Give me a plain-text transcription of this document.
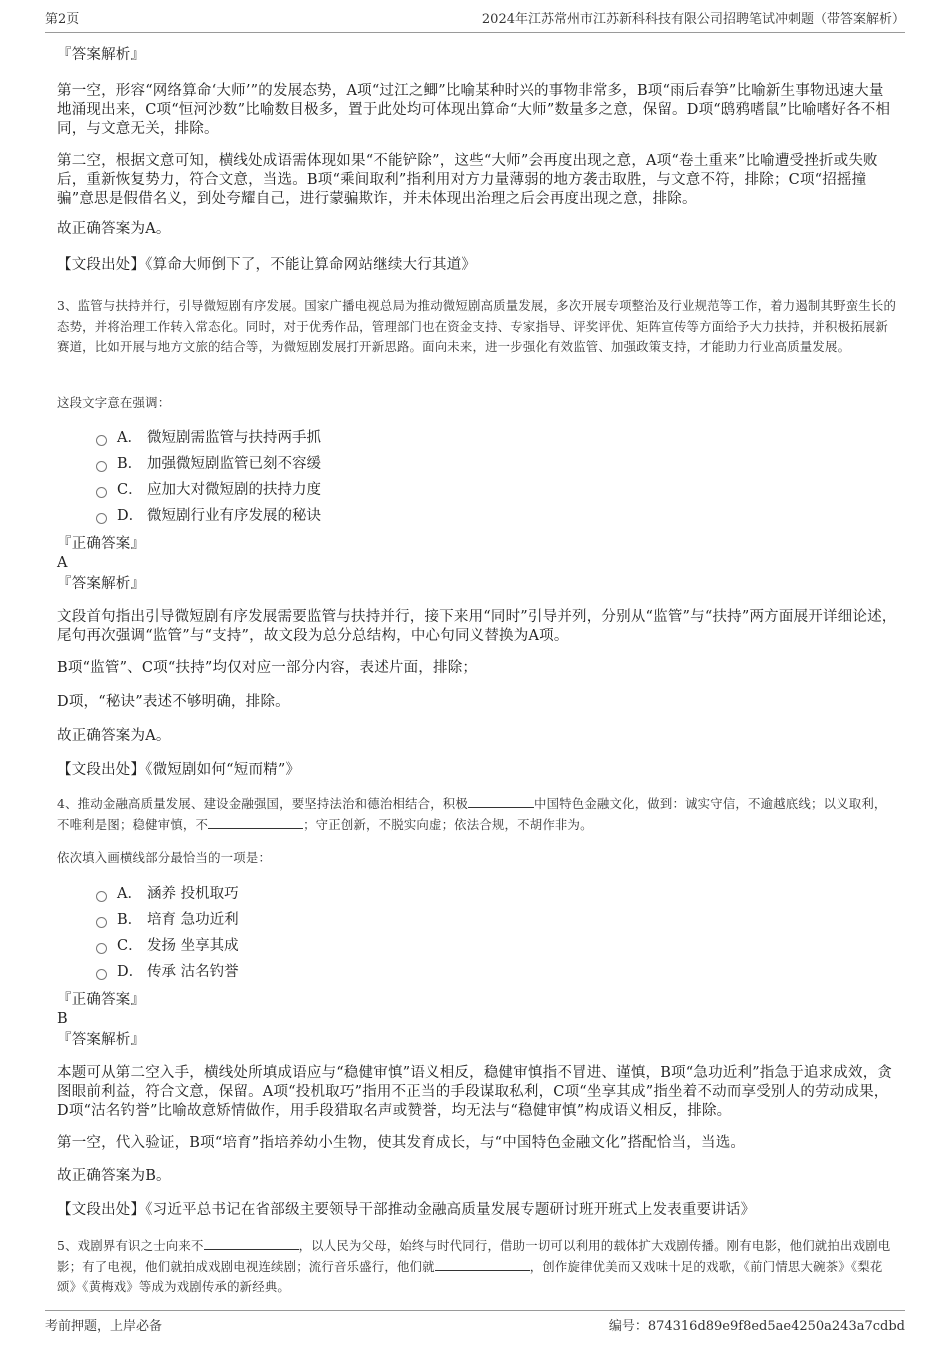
第2页	2024年江苏常州市江苏新科科技有限公司招聘笔试冲刺题（带答案解析）

『答案解析』

第一空，形容“网络算命‘大师’”的发展态势，A项“过江之鲫”比喻某种时兴的事物非常多，B项“雨后春笋”比喻新生事物迅速大量地涌现出来，C项“恒河沙数”比喻数目极多，置于此处均可体现出算命“大师”数量多之意，保留。D项“鸱鸦嗜鼠”比喻嗜好各不相同，与文意无关，排除。

第二空，根据文意可知，横线处成语需体现如果“不能铲除”，这些“大师”会再度出现之意，A项“卷土重来”比喻遭受挫折或失败后，重新恢复势力，符合文意，当选。B项“乘间取利”指利用对方力量薄弱的地方袭击取胜，与文意不符，排除；C项“招摇撞骗”意思是假借名义，到处夸耀自己，进行蒙骗欺诈，并未体现出治理之后会再度出现之意，排除。

故正确答案为A。

【文段出处】《算命大师倒下了，不能让算命网站继续大行其道》

3、监管与扶持并行，引导微短剧有序发展。国家广播电视总局为推动微短剧高质量发展，多次开展专项整治及行业规范等工作，着力遏制其野蛮生长的态势，并将治理工作转入常态化。同时，对于优秀作品，管理部门也在资金支持、专家指导、评奖评优、矩阵宣传等方面给予大力扶持，并积极拓展新赛道，比如开展与地方文旅的结合等，为微短剧发展打开新思路。面向未来，进一步强化有效监管、加强政策支持，才能助力行业高质量发展。

这段文字意在强调：

A． 微短剧需监管与扶持两手抓
B． 加强微短剧监管已刻不容缓
C． 应加大对微短剧的扶持力度
D． 微短剧行业有序发展的秘诀

『正确答案』

A

『答案解析』

文段首句指出引导微短剧有序发展需要监管与扶持并行，接下来用“同时”引导并列，分别从“监管”与“扶持”两方面展开详细论述，尾句再次强调“监管”与“支持”，故文段为总分总结构，中心句同义替换为A项。

B项“监管”、C项“扶持”均仅对应一部分内容，表述片面，排除；

D项，“秘诀”表述不够明确，排除。

故正确答案为A。

【文段出处】《微短剧如何“短而精”》

4、推动金融高质量发展、建设金融强国，要坚持法治和德治相结合，积极	中国特色金融文化，做到：诚实守信，不逾越底线；以义取利，不唯利是图；稳健审慎，不	；守正创新，不脱实向虚；依法合规，不胡作非为。

依次填入画横线部分最恰当的一项是：

A． 涵养 投机取巧
B． 培育 急功近利
C． 发扬 坐享其成
D． 传承 沽名钓誉

『正确答案』

B

『答案解析』

本题可从第二空入手，横线处所填成语应与“稳健审慎”语义相反，稳健审慎指不冒进、谨慎，B项“急功近利”指急于追求成效，贪图眼前利益，符合文意，保留。A项“投机取巧”指用不正当的手段谋取私利，C项“坐享其成”指坐着不动而享受别人的劳动成果，D项“沽名钓誉”比喻故意矫情做作，用手段猎取名声或赞誉，均无法与“稳健审慎”构成语义相反，排除。

第一空，代入验证，B项“培育”指培养幼小生物，使其发育成长，与“中国特色金融文化”搭配恰当，当选。

故正确答案为B。

【文段出处】《习近平总书记在省部级主要领导干部推动金融高质量发展专题研讨班开班式上发表重要讲话》

5、戏剧界有识之士向来不	，以人民为父母，始终与时代同行，借助一切可以利用的载体扩大戏剧传播。刚有电影，他们就拍出戏剧电影；有了电视，他们就拍成戏剧电视连续剧；流行音乐盛行，他们就	，创作旋律优美而又戏味十足的戏歌，《前门情思大碗茶》《梨花颂》《黄梅戏》等成为戏剧传承的新经典。

考前押题，上岸必备	编号：874316d89e9f8ed5ae4250a243a7cdbd
